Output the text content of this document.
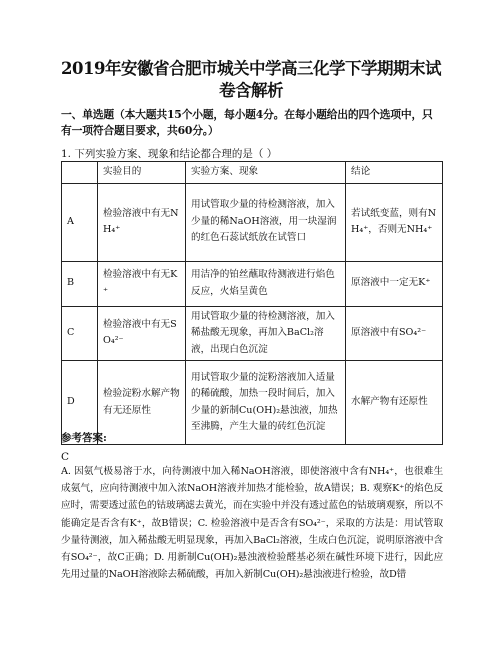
2019年安徽省合肥市城关中学高三化学下学期期末试
卷含解析
一、单选题（本大题共15个小题，每小题4分。在每小题给出的四个选项中，只有一项符合题目要求，共60分。）
1. 下列实验方案、现象和结论都合理的是（ ）
	实验目的	实验方案、现象	结论
A	检验溶液中有无NH₄⁺	用试管取少量的待检测溶液，加入少量的稀NaOH溶液，用一块湿润的红色石蕊试纸放在试管口	若试纸变蓝，则有NH₄⁺，否则无NH₄⁺
B	检验溶液中有无K⁺	用洁净的铂丝蘸取待测液进行焰色反应，火焰呈黄色	原溶液中一定无K⁺
C	检验溶液中有无SO₄²⁻	用试管取少量的待检测溶液，加入稀盐酸无现象，再加入BaCl₂溶液，出现白色沉淀	原溶液中有SO₄²⁻
D	检验淀粉水解产物有无还原性	用试管取少量的淀粉溶液加入适量的稀硫酸，加热一段时间后，加入少量的新制Cu(OH)₂悬浊液，加热至沸腾，产生大量的砖红色沉淀	水解产物有还原性
参考答案:
C
A. 因氨气极易溶于水，向待测液中加入稀NaOH溶液，即使溶液中含有NH₄⁺，也很难生成氨气，应向待测液中加入浓NaOH溶液并加热才能检验，故A错误；B. 观察K⁺的焰色反应时，需要透过蓝色的钴玻璃滤去黄光，而在实验中并没有透过蓝色的钴玻璃观察，所以不能确定是否含有K⁺，故B错误；C. 检验溶液中是否含有SO₄²⁻，采取的方法是：用试管取少量待测液，加入稀盐酸无明显现象，再加入BaCl₂溶液，生成白色沉淀，说明原溶液中含有SO₄²⁻，故C正确；D. 用新制Cu(OH)₂悬浊液检验醛基必须在碱性环境下进行，因此应先用过量的NaOH溶液除去稀硫酸，再加入新制Cu(OH)₂悬浊液进行检验，故D错
